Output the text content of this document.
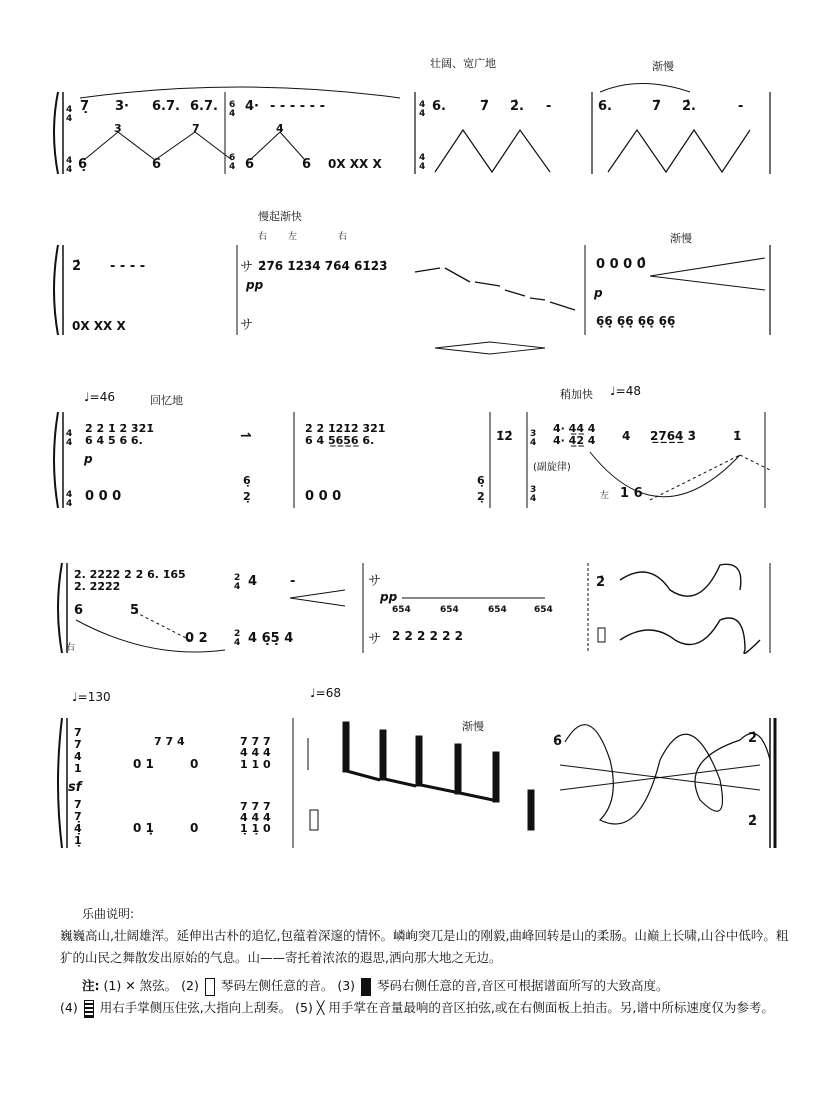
4
4
7̣ 3· 6.7. 6.7. 6
4 4· - - - - - -	4
4 6.	7̇ 2̇. -	6.	7̇ 2̇.	-
4
4 6̣
3
6
7
6
4 6
4
6 0X XX X	4
4
2̇ - - - -	2̇7̇6 1̇2̇3̇4 7̇6̇4 6̇1̇2̇3̇	0 0 0 0̂
0X XX X	6̣6̣ 6̣6̣ 6̣6̣ 6̣6̣
4
4
2̇ 2̇ 1̇ 2̇ 3̇2̇1̇
6 4 5 6 6.	⇀	2̇ 2̇ 1̇2̇1̇2̇ 3̇2̇1̇
6 4 5̲6̲5̲6̲ 6.	1̇2̇ 3
4
4· 4̲4̲ 4
4· 4̲2̲ 4 4 2̲7̲6̲4̲ 3̇	1̇
4
4 0 0 0
6̣
2̣	0 0 0
6̣
2̣	3
4	1 6
2̇. 2̇2̇2̇2̇ 2̇ 2̇ 6̇. 1̇6̇5̇
2̇. 2̇2̇2̇2̇
2
4 4	-
654	654	654	654
2 2 2 2 2 2
2̇
6	5
0 2	2
4 4 6̣5̣ 4
7̇
7
4
1	0 1
7̇ 7 4
0
7̇ 7̇ 7
4 4 4
1 1 0
7̇
7̣
4̣
1̣
0 1̣	0
7̇ 7̇ 7
4 4 4
1̣ 1̣ 0
6̇	2̇
2̇
壮阔、宽广地	渐慢
慢起渐快
渐慢
回忆地	稍加快
渐慢
(副旋律)
右 左	右
左
右
pp
p
p
pp
sf
♩=46	♩=48
♩=130	♩=68
サ
サ
サ
サ
乐曲说明:
巍巍高山,壮阔雄浑。延伸出古朴的追忆,包蕴着深邃的情怀。嶙峋突兀是山的刚毅,曲峰回转是山的柔肠。山巅上长啸,山谷中低吟。粗犷的山民之舞散发出原始的气息。山——寄托着浓浓的遐思,洒向那大地之无边。
注: (1) ✕ 煞弦。 (2) 琴码左侧任意的音。 (3) 琴码右侧任意的音,音区可根据谱面所写的大致高度。
(4) 用右手掌侧压住弦,大指向上刮奏。 (5) ╳ 用手掌在音量最响的音区拍弦,或在右侧面板上拍击。另,谱中所标速度仅为参考。
